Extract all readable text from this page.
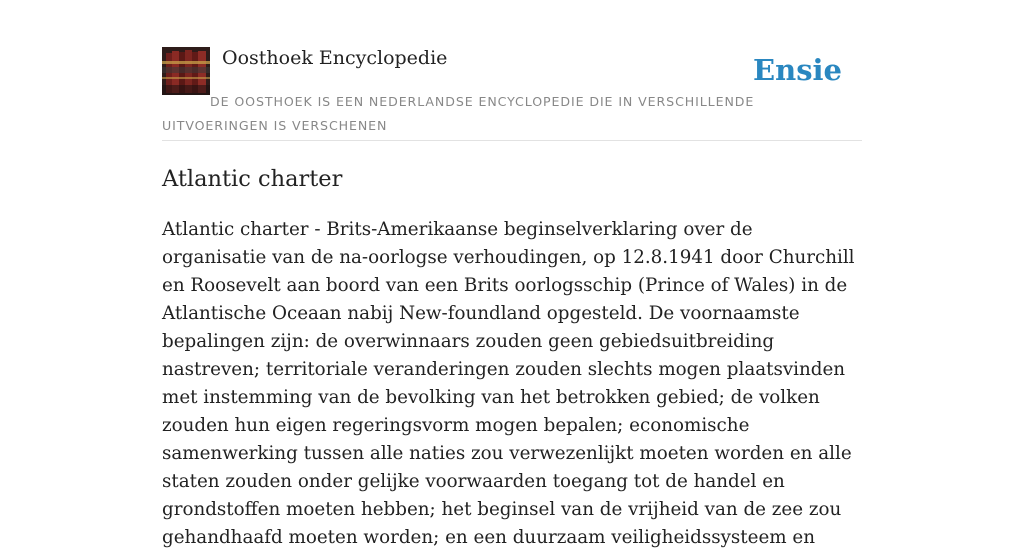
Oosthoek Encyclopedie	Ensie
DE OOSTHOEK IS EEN NEDERLANDSE ENCYCLOPEDIE DIE IN VERSCHILLENDE UITVOERINGEN IS VERSCHENEN
Atlantic charter
Atlantic charter - Brits-Amerikaanse beginselverklaring over de organisatie van de na-oorlogse verhoudingen, op 12.8.1941 door Churchill en Roosevelt aan boord van een Brits oorlogsschip (Prince of Wales) in de Atlantische Oceaan nabij New-foundland opgesteld. De voornaamste bepalingen zijn: de overwinnaars zouden geen gebiedsuitbreiding nastreven; territoriale veranderingen zouden slechts mogen plaatsvinden met instemming van de bevolking van het betrokken gebied; de volken zouden hun eigen regeringsvorm mogen bepalen; economische samenwerking tussen alle naties zou verwezenlijkt moeten worden en alle staten zouden onder gelijke voorwaarden toegang tot de handel en grondstoffen moeten hebben; het beginsel van de vrijheid van de zee zou gehandhaafd moeten worden; en een duurzaam veiligheidssysteem en
